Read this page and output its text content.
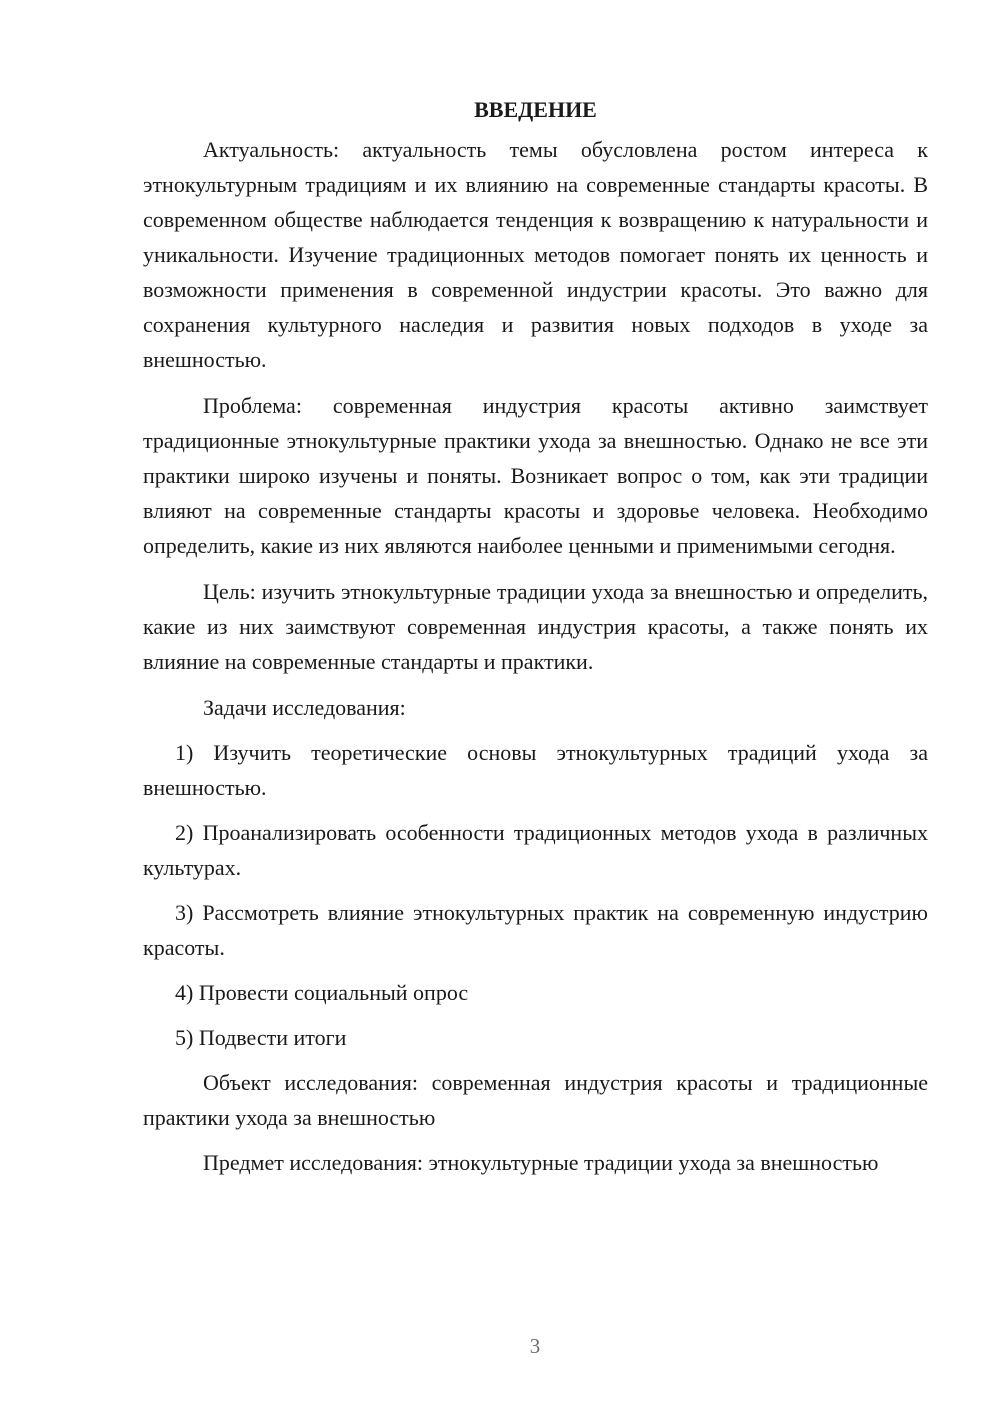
ВВЕДЕНИЕ

Актуальность: актуальность темы обусловлена ростом интереса к этнокультурным традициям и их влиянию на современные стандарты красоты. В современном обществе наблюдается тенденция к возвращению к натуральности и уникальности. Изучение традиционных методов помогает понять их ценность и возможности применения в современной индустрии красоты. Это важно для сохранения культурного наследия и развития новых подходов в уходе за внешностью.

Проблема: современная индустрия красоты активно заимствует традиционные этнокультурные практики ухода за внешностью. Однако не все эти практики широко изучены и поняты. Возникает вопрос о том, как эти традиции влияют на современные стандарты красоты и здоровье человека. Необходимо определить, какие из них являются наиболее ценными и применимыми сегодня.

Цель: изучить этнокультурные традиции ухода за внешностью и определить, какие из них заимствуют современная индустрия красоты, а также понять их влияние на современные стандарты и практики.

Задачи исследования:

1) Изучить теоретические основы этнокультурных традиций ухода за внешностью.

2) Проанализировать особенности традиционных методов ухода в различных культурах.

3) Рассмотреть влияние этнокультурных практик на современную индустрию красоты.

4) Провести социальный опрос

5) Подвести итоги

Объект исследования: современная индустрия красоты и традиционные практики ухода за внешностью

Предмет исследования: этнокультурные традиции ухода за внешностью

3
